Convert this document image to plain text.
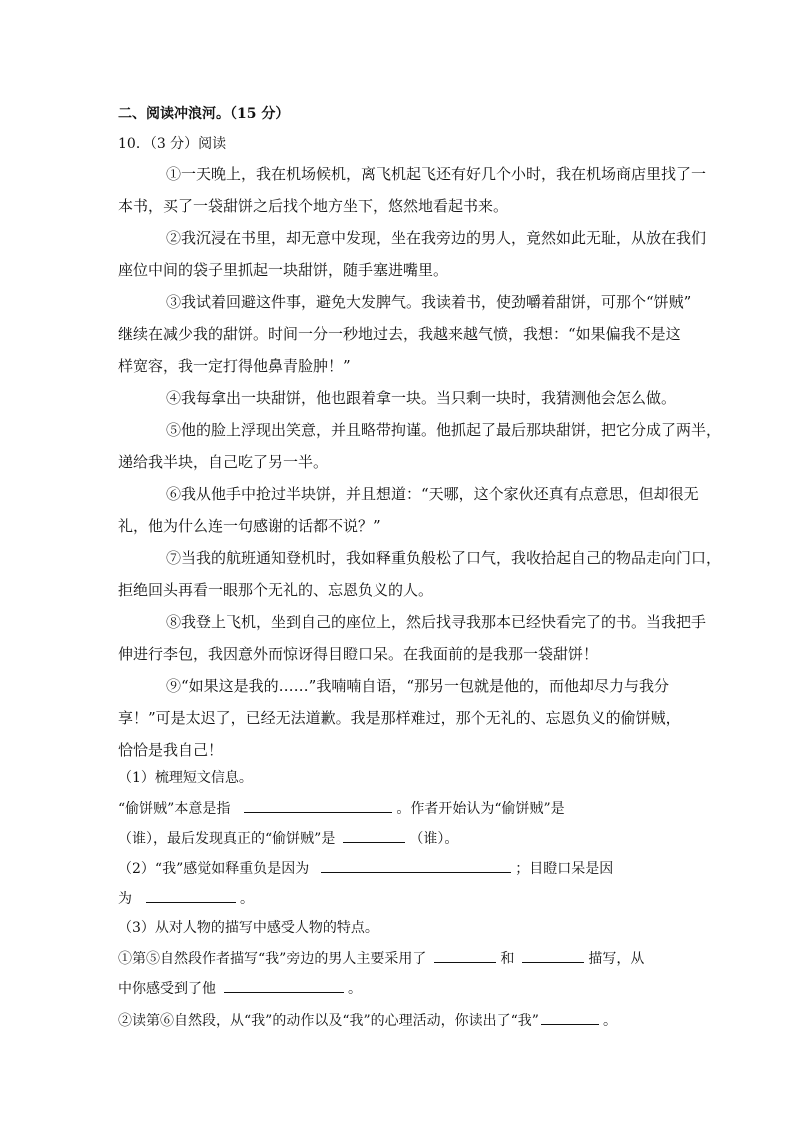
二、阅读冲浪河。（15 分）
10．（3 分）阅读
①一天晚上，我在机场候机，离飞机起飞还有好几个小时，我在机场商店里找了一
本书，买了一袋甜饼之后找个地方坐下，悠然地看起书来。
②我沉浸在书里，却无意中发现，坐在我旁边的男人，竟然如此无耻，从放在我们
座位中间的袋子里抓起一块甜饼，随手塞进嘴里。
③我试着回避这件事，避免大发脾气。我读着书，使劲嚼着甜饼，可那个“饼贼”
继续在减少我的甜饼。时间一分一秒地过去，我越来越气愤，我想：“如果偏我不是这
样宽容，我一定打得他鼻青脸肿！”
④我每拿出一块甜饼，他也跟着拿一块。当只剩一块时，我猜测他会怎么做。
⑤他的脸上浮现出笑意，并且略带拘谨。他抓起了最后那块甜饼，把它分成了两半，
递给我半块，自己吃了另一半。
⑥我从他手中抢过半块饼，并且想道：“天哪，这个家伙还真有点意思，但却很无
礼，他为什么连一句感谢的话都不说？”
⑦当我的航班通知登机时，我如释重负般松了口气，我收拾起自己的物品走向门口，
拒绝回头再看一眼那个无礼的、忘恩负义的人。
⑧我登上飞机，坐到自己的座位上，然后找寻我那本已经快看完了的书。当我把手
伸进行李包，我因意外而惊讶得目瞪口呆。在我面前的是我那一袋甜饼！
⑨“如果这是我的……”我喃喃自语，“那另一包就是他的，而他却尽力与我分
享！”可是太迟了，已经无法道歉。我是那样难过，那个无礼的、忘恩负义的偷饼贼，
恰恰是我自己！
（1）梳理短文信息。
“偷饼贼”本意是指	。作者开始认为“偷饼贼”是
（谁），最后发现真正的“偷饼贼”是	（谁）。
（2）“我”感觉如释重负是因为	；目瞪口呆是因
为	。
（3）从对人物的描写中感受人物的特点。
①第⑤自然段作者描写“我”旁边的男人主要采用了	和	描写，从
中你感受到了他	。
②读第⑥自然段，从“我”的动作以及“我”的心理活动，你读出了“我”	。
